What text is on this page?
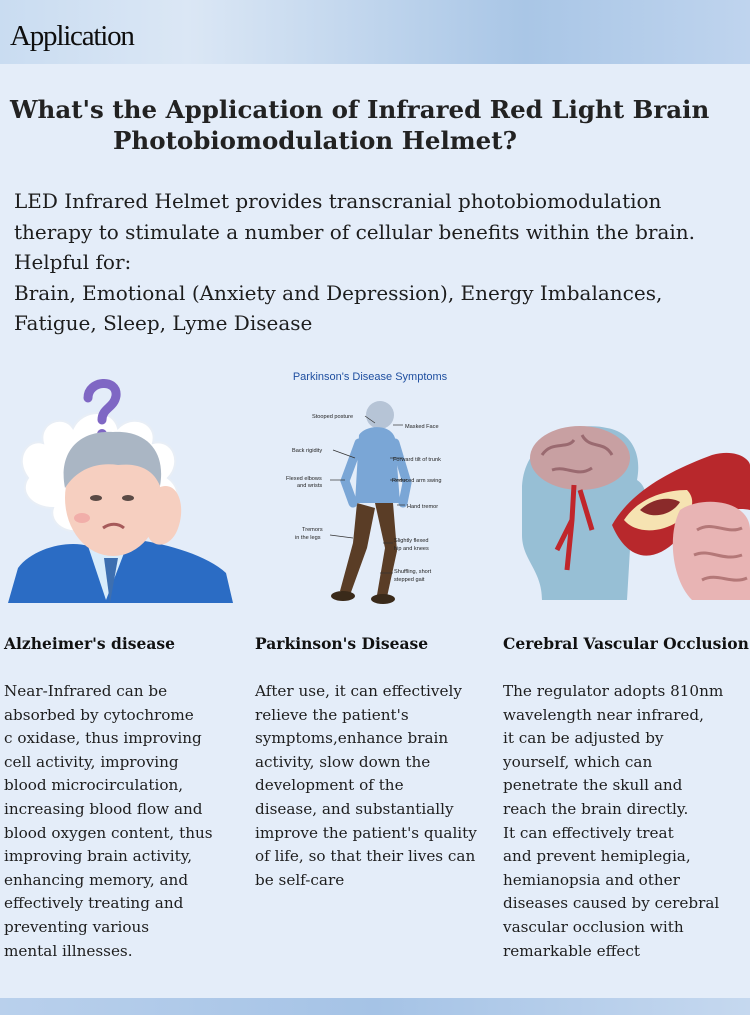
Application
What's the Application of Infrared Red Light Brain
Photobiomodulation Helmet?

LED Infrared Helmet provides transcranial photobiomodulation

therapy to stimulate a number of cellular benefits within the brain.

Helpful for:

Brain, Emotional (Anxiety and Depression), Energy Imbalances,

Fatigue, Sleep, Lyme Disease

Parkinson's Disease Symptoms
Stooped posture
Masked Face
Back rigidity
Forward tilt of trunk
Flexed elbows
and wrists
Reduced arm swing
Hand tremor
Tremors
in the legs	Slightly flexed
hip and knees
Shuffling, short
stepped gait
Alzheimer's disease	Parkinson's Disease	Cerebral Vascular Occlusion

Near-Infrared can be

absorbed by cytochrome

c oxidase, thus improving

cell activity, improving

blood microcirculation,

increasing blood flow and

blood oxygen content, thus

improving brain activity,

enhancing memory, and

effectively treating and

preventing various

mental illnesses.

After use, it can effectively

relieve the patient's

symptoms,enhance brain

activity, slow down the

development of the

disease, and substantially

improve the patient's quality

of life, so that their lives can

be self-care

The regulator adopts 810nm

wavelength near infrared,

it can be adjusted by

yourself, which can

penetrate the skull and

reach the brain directly.

It can effectively treat

and prevent hemiplegia,

hemianopsia and other

diseases caused by cerebral

vascular occlusion with

remarkable effect
